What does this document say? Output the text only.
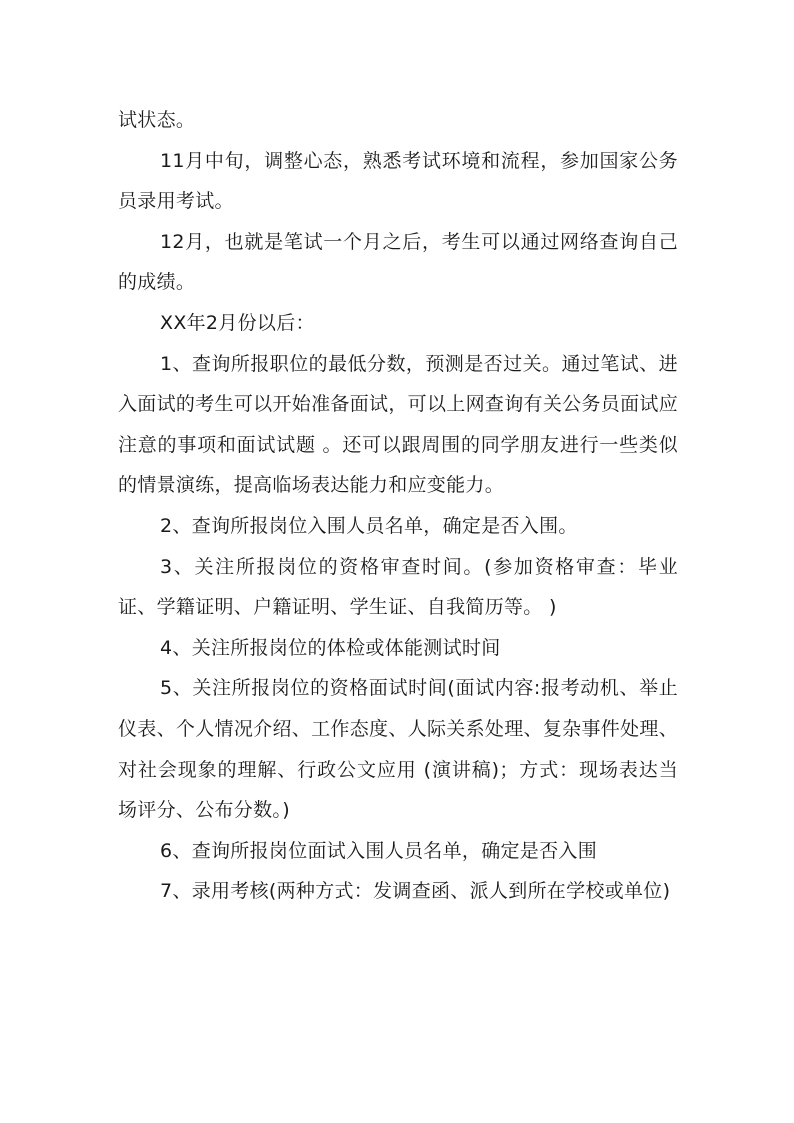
试状态。

11月中旬，调整心态，熟悉考试环境和流程，参加国家公务员录用考试。

12月，也就是笔试一个月之后，考生可以通过网络查询自己的成绩。

XX年2月份以后：

1、查询所报职位的最低分数，预测是否过关。通过笔试、进入面试的考生可以开始准备面试，可以上网查询有关公务员面试应注意的事项和面试试题 。还可以跟周围的同学朋友进行一些类似的情景演练，提高临场表达能力和应变能力。

2、查询所报岗位入围人员名单，确定是否入围。

3、关注所报岗位的资格审查时间。(参加资格审查：毕业证、学籍证明、户籍证明、学生证、自我简历等。 )

4、关注所报岗位的体检或体能测试时间

5、关注所报岗位的资格面试时间(面试内容:报考动机、举止仪表、个人情况介绍、工作态度、人际关系处理、复杂事件处理、对社会现象的理解、行政公文应用 (演讲稿)；方式：现场表达当场评分、公布分数。)

6、查询所报岗位面试入围人员名单，确定是否入围

7、录用考核(两种方式：发调查函、派人到所在学校或单位)
